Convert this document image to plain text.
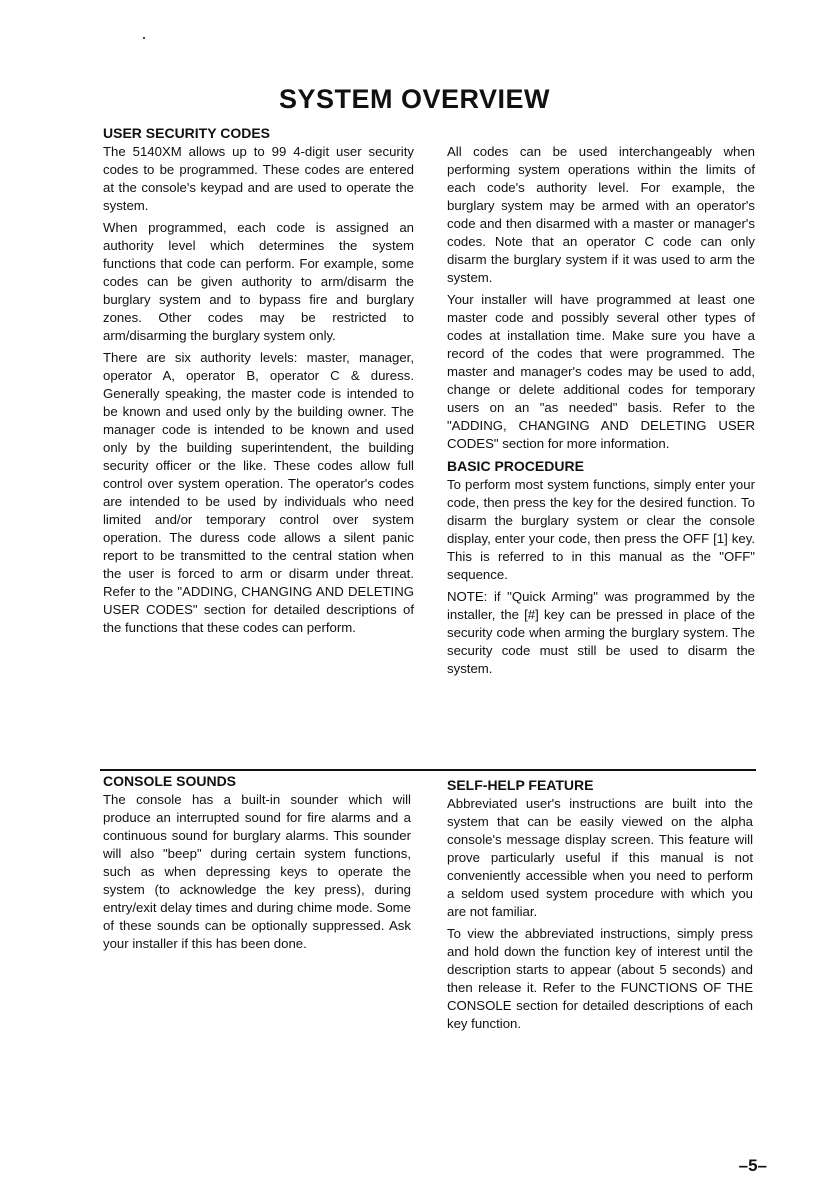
SYSTEM OVERVIEW
USER SECURITY CODES

The 5140XM allows up to 99 4-digit user security codes to be programmed. These codes are entered at the console's keypad and are used to operate the system.

When programmed, each code is assigned an authority level which determines the system functions that code can perform. For example, some codes can be given authority to arm/disarm the burglary system and to bypass fire and burglary zones. Other codes may be restricted to arm/disarming the burglary system only.

There are six authority levels: master, manager, operator A, operator B, operator C & duress. Generally speaking, the master code is intended to be known and used only by the building owner. The manager code is intended to be known and used only by the building superintendent, the building security officer or the like. These codes allow full control over system operation. The operator's codes are intended to be used by individuals who need limited and/or temporary control over system operation. The duress code allows a silent panic report to be transmitted to the central station when the user is forced to arm or disarm under threat. Refer to the "ADDING, CHANGING AND DELETING USER CODES" section for detailed descriptions of the functions that these codes can perform.

All codes can be used interchangeably when performing system operations within the limits of each code's authority level. For example, the burglary system may be armed with an operator's code and then disarmed with a master or manager's codes. Note that an operator C code can only disarm the burglary system if it was used to arm the system.

Your installer will have programmed at least one master code and possibly several other types of codes at installation time. Make sure you have a record of the codes that were programmed. The master and manager's codes may be used to add, change or delete additional codes for temporary users on an "as needed" basis. Refer to the "ADDING, CHANGING AND DELETING USER CODES" section for more information.

BASIC PROCEDURE

To perform most system functions, simply enter your code, then press the key for the desired function. To disarm the burglary system or clear the console display, enter your code, then press the OFF [1] key. This is referred to in this manual as the "OFF" sequence.

NOTE: if "Quick Arming" was programmed by the installer, the [#] key can be pressed in place of the security code when arming the burglary system. The security code must still be used to disarm the system.

CONSOLE SOUNDS

The console has a built-in sounder which will produce an interrupted sound for fire alarms and a continuous sound for burglary alarms. This sounder will also "beep" during certain system functions, such as when depressing keys to operate the system (to acknowledge the key press), during entry/exit delay times and during chime mode. Some of these sounds can be optionally suppressed. Ask your installer if this has been done.

SELF-HELP FEATURE

Abbreviated user's instructions are built into the system that can be easily viewed on the alpha console's message display screen. This feature will prove particularly useful if this manual is not conveniently accessible when you need to perform a seldom used system procedure with which you are not familiar.

To view the abbreviated instructions, simply press and hold down the function key of interest until the description starts to appear (about 5 seconds) and then release it. Refer to the FUNCTIONS OF THE CONSOLE section for detailed descriptions of each key function.

–5–
